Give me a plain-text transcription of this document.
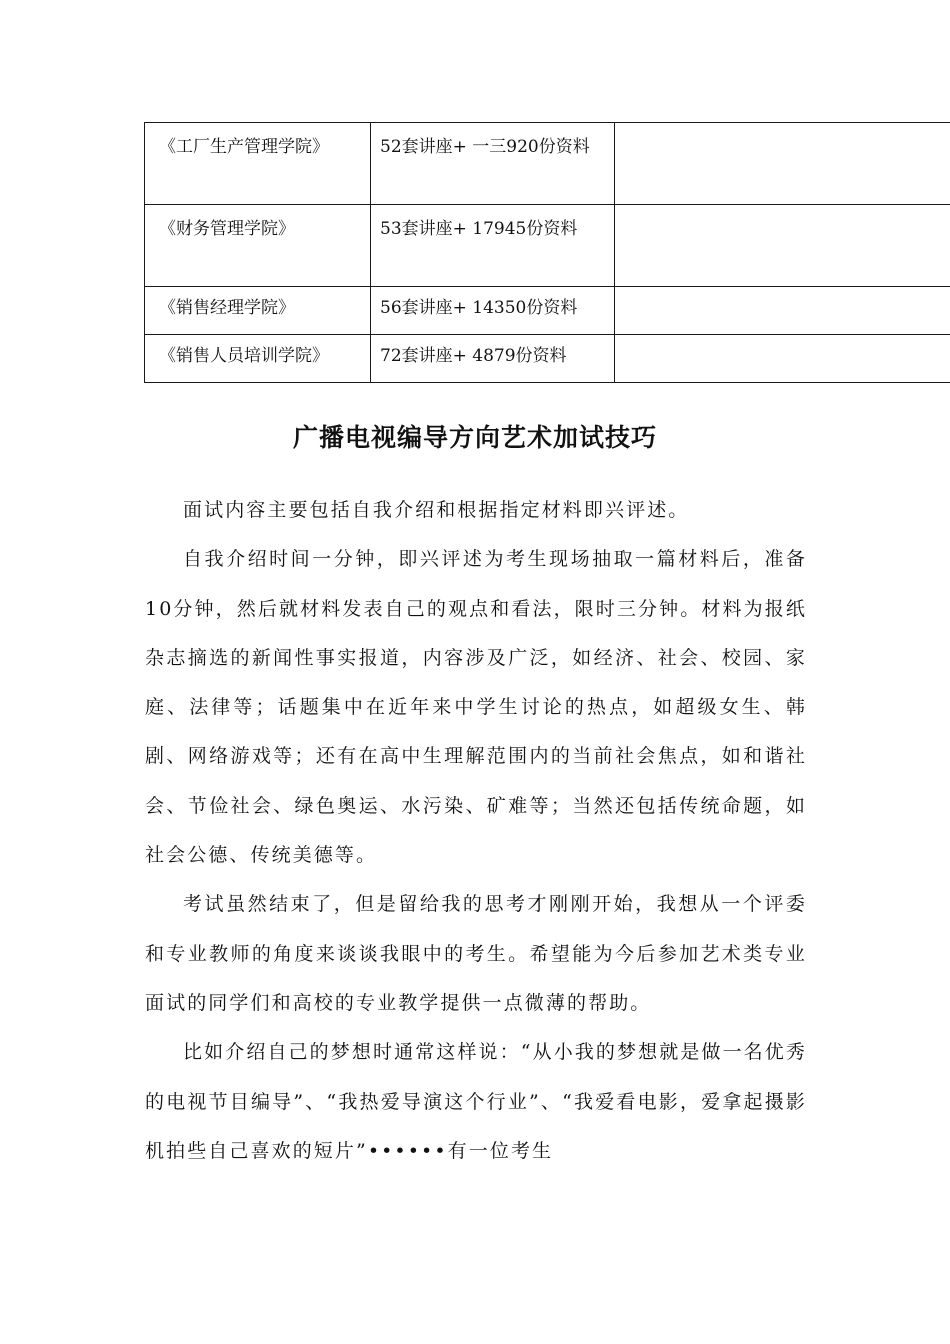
《工厂生产管理学院》	52套讲座+ 一三920份资料	
《财务管理学院》	53套讲座+ 17945份资料	
《销售经理学院》	56套讲座+ 14350份资料	
《销售人员培训学院》	72套讲座+ 4879份资料	
广播电视编导方向艺术加试技巧

面试内容主要包括自我介绍和根据指定材料即兴评述。

自我介绍时间一分钟，即兴评述为考生现场抽取一篇材料后，准备10分钟，然后就材料发表自己的观点和看法，限时三分钟。材料为报纸杂志摘选的新闻性事实报道，内容涉及广泛，如经济、社会、校园、家庭、法律等；话题集中在近年来中学生讨论的热点，如超级女生、韩剧、网络游戏等；还有在高中生理解范围内的当前社会焦点，如和谐社会、节俭社会、绿色奥运、水污染、矿难等；当然还包括传统命题，如社会公德、传统美德等。

考试虽然结束了，但是留给我的思考才刚刚开始，我想从一个评委和专业教师的角度来谈谈我眼中的考生。希望能为今后参加艺术类专业面试的同学们和高校的专业教学提供一点微薄的帮助。

比如介绍自己的梦想时通常这样说：“从小我的梦想就是做一名优秀的电视节目编导”、“我热爱导演这个行业”、“我爱看电影，爱拿起摄影机拍些自己喜欢的短片”••••••有一位考生
